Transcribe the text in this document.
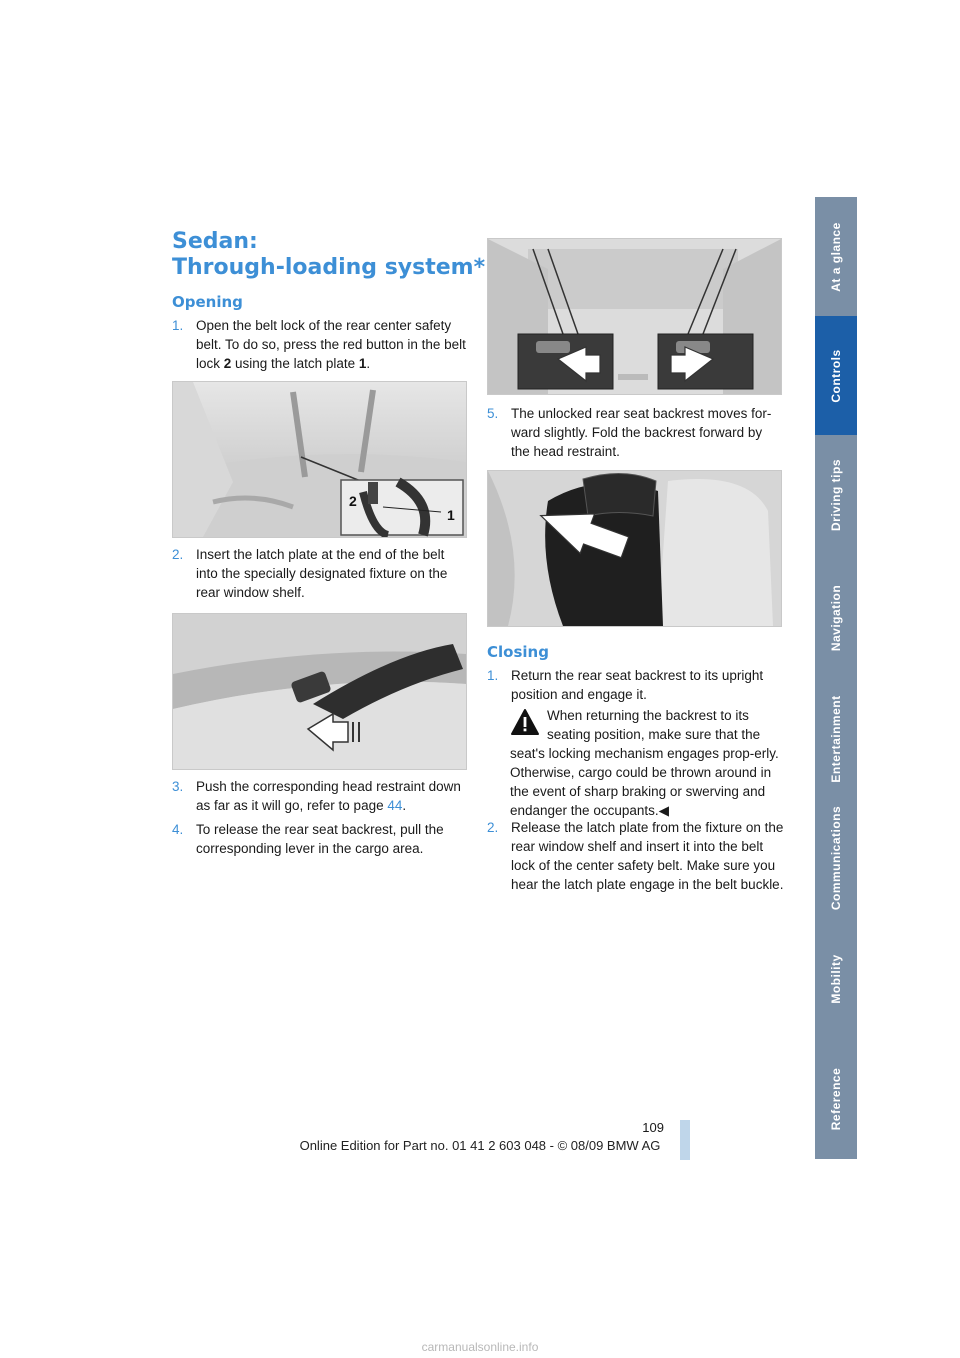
Sedan:
Through-loading system*
Opening
1. Open the belt lock of the rear center safety belt. To do so, press the red button in the belt lock 2 using the latch plate 1.
2
1
2. Insert the latch plate at the end of the belt into the specially designated fixture on the rear window shelf.
3. Push the corresponding head restraint down as far as it will go, refer to page 44.
4. To release the rear seat backrest, pull the corresponding lever in the cargo area.
5. The unlocked rear seat backrest moves for-ward slightly. Fold the backrest forward by the head restraint.
Closing
1. Return the rear seat backrest to its upright position and engage it.
When returning the backrest to its seating position, make sure that the
seat's locking mechanism engages prop-erly. Otherwise, cargo could be thrown around in the event of sharp braking or swerving and endanger the occupants.◀
2. Release the latch plate from the fixture on the rear window shelf and insert it into the belt lock of the center safety belt. Make sure you hear the latch plate engage in the belt buckle.
At a glance
Controls
Driving tips
Navigation
Entertainment
Communications
Mobility
Reference
109
Online Edition for Part no. 01 41 2 603 048 - © 08/09 BMW AG
carmanualsonline.info
